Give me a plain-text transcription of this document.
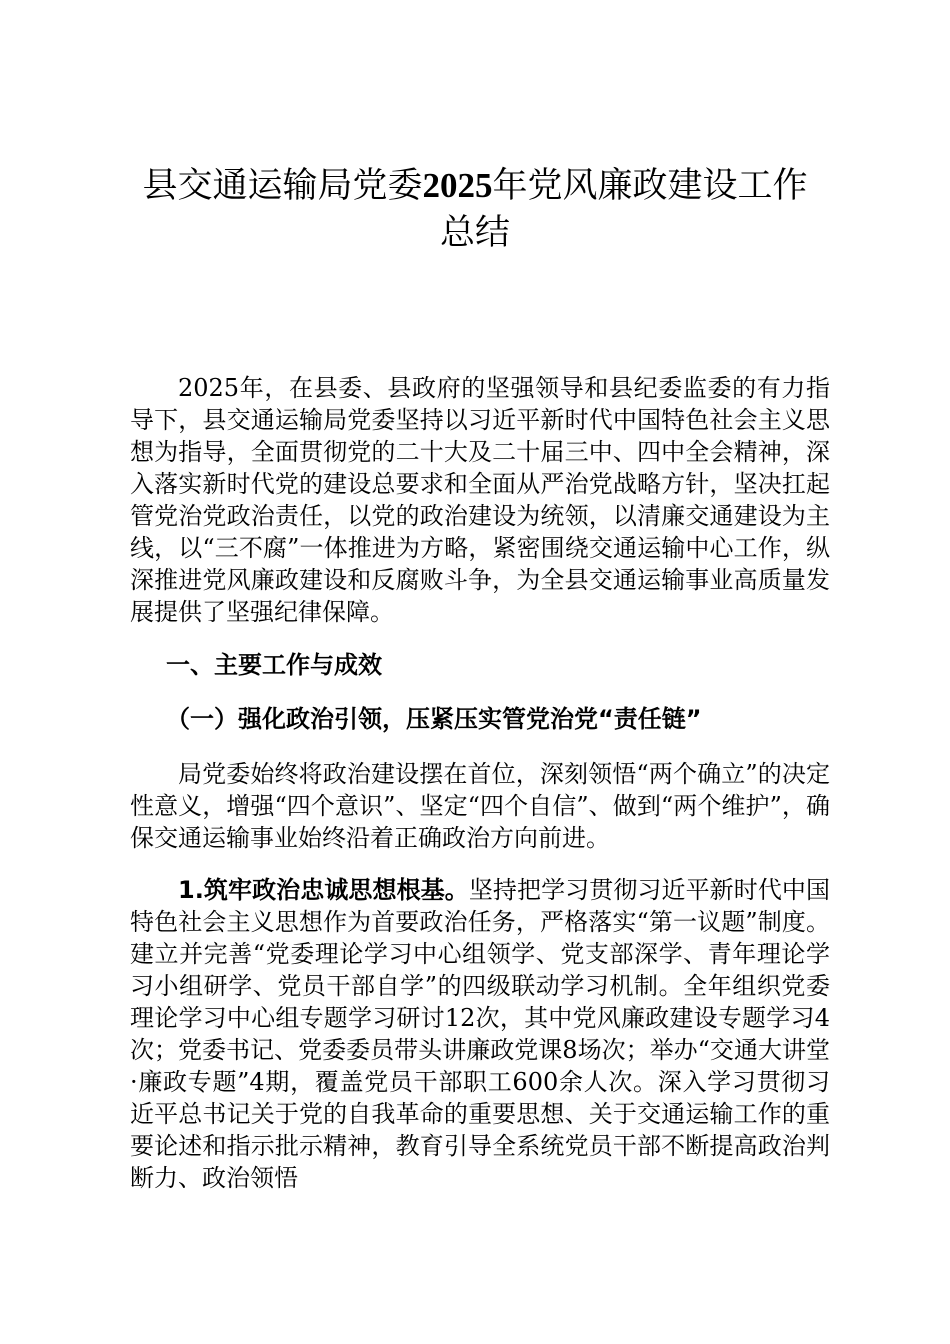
县交通运输局党委2025年党风廉政建设工作
总结

2025年，在县委、县政府的坚强领导和县纪委监委的有力指导下，县交通运输局党委坚持以习近平新时代中国特色社会主义思想为指导，全面贯彻党的二十大及二十届三中、四中全会精神，深入落实新时代党的建设总要求和全面从严治党战略方针，坚决扛起管党治党政治责任，以党的政治建设为统领，以清廉交通建设为主线，以“三不腐”一体推进为方略，紧密围绕交通运输中心工作，纵深推进党风廉政建设和反腐败斗争，为全县交通运输事业高质量发展提供了坚强纪律保障。

一、主要工作与成效

（一）强化政治引领，压紧压实管党治党“责任链”

局党委始终将政治建设摆在首位，深刻领悟“两个确立”的决定性意义，增强“四个意识”、坚定“四个自信”、做到“两个维护”，确保交通运输事业始终沿着正确政治方向前进。

1.筑牢政治忠诚思想根基。坚持把学习贯彻习近平新时代中国特色社会主义思想作为首要政治任务，严格落实“第一议题”制度。建立并完善“党委理论学习中心组领学、党支部深学、青年理论学习小组研学、党员干部自学”的四级联动学习机制。全年组织党委理论学习中心组专题学习研讨12次，其中党风廉政建设专题学习4次；党委书记、党委委员带头讲廉政党课8场次；举办“交通大讲堂·廉政专题”4期，覆盖党员干部职工600余人次。深入学习贯彻习近平总书记关于党的自我革命的重要思想、关于交通运输工作的重要论述和指示批示精神，教育引导全系统党员干部不断提高政治判断力、政治领悟
